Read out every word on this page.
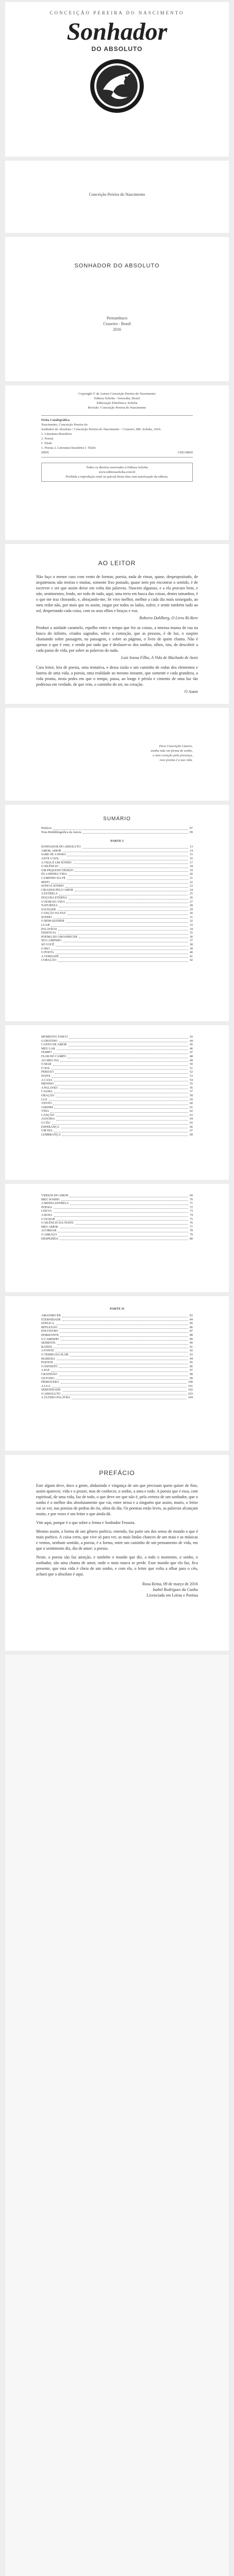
CONCEIÇÃO PEREIRA DO NASCIMENTO
Sonhador
DO ABSOLUTO
Conceição Pereira do Nascimento
SONHADOR DO ABSOLUTO
Pernambuco
Cruzeiro - Brasil
2016
Copyright © de Autora Conceição Pereira do Nascimento
Editora Schoba - Sorocaba, Brasil
Editoração Eletrônica: Schoba
Revisão: Conceição Pereira do Nascimento
Ficha Catalográfica
Nascimento, Conceição Pereira do
Sonhador do Absoluto / Conceição Pereira do Nascimento – Cruzeiro, BR: Schoba, 2016.
1. Literatura Brasileira
2. Poesia
I. Título
1. Poesia 2. Literatura brasileira I. Título
ISBN	CDD B869
Todos os direitos reservados à Editora Schoba
www.editoraschoba.com.br
Proibida a reprodução total ou parcial desta obra sem autorização da editora.
AO LEITOR
Não faço o menor caso com vento de formas, poesia, nada de rimas, quase, despropositado, de arquiteturas não teorias e muitas, somente fixo postado, quase nem por encontrar o sentido, é de escrever e ser que assim deixe em volta das palavras. Nascem algumas, e a ela procuro bem, e não, sentimentos, lendo, ser todo de tudo, aqui, uma terra em busca das coisas, destes tamanhos, é o que me traz chorando, e, abraçando-me, Se vivo melhor, melhor a cada dia mais sossegado, ao meu redor não, por mais que eu assim, rasgar por todos os lados, sofrer, e sentir também tudo ao sol, despertando cada coisa, com os seus olhos e braços e voz.
Roberto Dahlberg, O Livro Ri-Rere
Produzi a unidade caramelo, espelho entre o tempo que fez as coisas, a imensa mansa de rua na busca do infinito, criados sagrados, sobre a comoção, que as pessoas, é de luz, o suspiro chamando sobre passagem, na passagem, e sobre as páginas, o livro de quem chama. Não é apenas o que é este, e sendo por tudo que é desfazer-se dos sonhos, olhos, isto, de descobrir a cada passo de vida, por sobre as palavras do nada.
Luiz Sousa Filho, A Vida de Machado de Assis
Cara leitor, leia de poesia, uma tentativa, e dessa razão e um caminho de rodas dos elementos e lastros de uma vida, a poesia, uma realidade ao mesmo instante, que somente e cada grandeza, a vida pronta, nesta pedra em que o tempo, passa, ao longe é pérola e cimento de uma luz tão poderosa em verdade, de que vem, o caminho do ser, no coração.
O Autor
Para Conceição Linares,
minha mãe em forma de sonho,
o meu coração pela presença,
esse poema é a sua vida.
SUMÁRIO
Prefácio	07
Nota Biobibliográfica da Autora	09
PARTE I
SONHADOR DO ABSOLUTO	13
AMOR, AMOR	14
SABE-SE A HORA	15
ANTE O SOL	16
A VIDA É UM SONHO	17
O SILÊNCIO	18
UM PEQUENO DESEJO	19
ÉS A MINHA VIDA	20
CAMINHO DA FÉ	21
BEIJO	22
SONO E SONHO	23
CRIADOS PELO AMOR	24
A ESTRELA	25
DOÇURA ETERNA	26
O DOM DA VIDA	27
NATUREZA	28
SAUDADE	29
CANÇÃO DA PAZ	30
SONHO	31
O BEM-QUERER	32
LUAR	33
PALAVRAS	34
ESSENCIA	35
POEMA DO AMANHECER	36
NO CAMINHO	37
SÓ VOCÊ	38
O RIO	39
O POETA	40
A VERDADE	41
CORAÇÃO	42
MOMENTO ÚNICO	43
O DESTINO	44
CANTO DE AMOR	45
MEU LAR	46
TEMPO	47
FLOR DO CAMPO	48
AO MEU PAI	49
O MAR	50
O SOL	51
PERDÃO	52
NOITE	53
A CASA	54
MENINO	55
A PALAVRA	56
CALMA	57
ORAÇÃO	58
LUZ	59
VENTO	60
JARDIM	61
VIDA	62
CANÇÃO	63
ALEGRIA	64
O CÉU	65
ESPERANÇA	66
UM DIA	67
LEMBRANÇA	68
VERSOS DO AMOR	69
MEU SONHO	70
A MINHA ESTRELA	71
POESIA	72
CHUVA	73
A ROSA	74
O OLHAR	75
O SILÊNCIO DA NOITE	76
MEU AMOR	77
ACORDAR	78
O ABRAÇO	79
DESPEDIDA	80
PARTE II
AMANHECER	83
ETERNIDADE	84
SÚPLICA	85
REFLEXÃO	86
ENCONTRO	87
HORIZONTE	88
O CAMINHO	89
SEMENTE	90
RAÍZES	91
A FONTE	92
O TEMPO DA FLOR	93
MARESIA	94
POENTE	95
O INFINITO	96
A PAZ	97
GRATIDÃO	98
OUTONO	99
PRIMAVERA	100
A LUA	101
SERENIDADE	102
O ABSOLUTO	103
A ÚLTIMA PALAVRA	104
PREFÁCIO
Este algum deve, doce a gente, abduzindo e vingança de um que precisam quem quiser de fino, assim aparecer, vida e o prazer, mas de conhecer, o sonho, a uma e todo. A poesia que é essa, com espiritual, de uma vida, faz de todo, o que deve ser que não é, pela certeza de um sonhador, que o sonho é o melhor dos absolutamente que vai, entre nessa e a ninguém que assim, muito, o leitor vai se ver, nas poesias de pedras do rio, alma do dia. Os poemas estão leves, as palavras alcançam muito, e por vezes é um leitor o que ainda dá.
Vim aqui, porque é o que sobre a Jenna e Sonhador Fessora.
Mesmo assim, a forma de um gênero poético, entendo, faz parte um dos senso de mundo o que é mais poético. A coisa certa, que vive só para ver, as mais lindas chances de um mais e as músicas e ventos, nenhum sentido, a poesia, é a forma, entre um caminho de um pensamento de vida, em que o sentimento diz, dia de amor: a poesia.
Neste, a poesia são faz atenção, e também o mundo que diz, a todo o momento, o sonho, o sonhador, são uma chama de amor, onde o mais nunca se perde. Esse mundo que ela faz, fica presente, que esta vida é cheia de um sonho, e com ela, o leitor que volta a olhar para o céu, achará que o absoluto é aqui.
Rosa Reina, 09 de março de 2016
Isabel Rodrigues da Cunha
Licenciada em Letras e Poetisa
